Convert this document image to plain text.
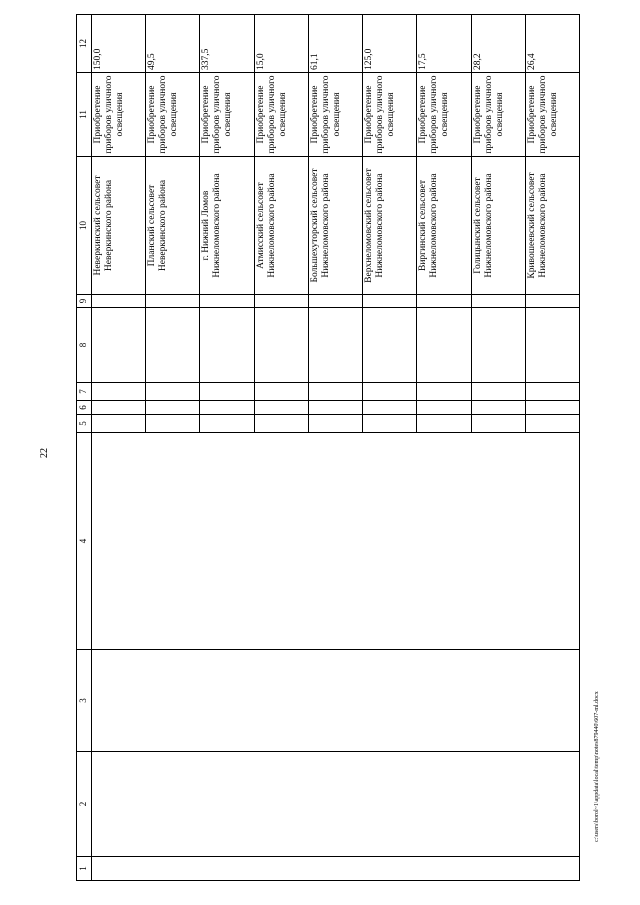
22
1	2	3	4	5	6	7	8	9	10	11	12
									Неверкинский сельсовет Неверкинского района	Приобретение приборов уличного освещения	150,0
									Планский сельсовет Неверкинского района	Приобретение приборов уличного освещения	49,5
									г. Нижний Ломов Нижнеломовского района	Приобретение приборов уличного освещения	337,5
									Атмисский сельсовет Нижнеломовского района	Приобретение приборов уличного освещения	15,0
									Большехуторский сельсовет Нижнеломовского района	Приобретение приборов уличного освещения	61,1
									Верхнеломовский сельсовет Нижнеломовского района	Приобретение приборов уличного освещения	125,0
									Виргинский сельсовет Нижнеломовского района	Приобретение приборов уличного освещения	17,5
									Голицынский сельсовет Нижнеломовского района	Приобретение приборов уличного освещения	28,2
									Кривошеевский сельсовет Нижнеломовского района	Приобретение приборов уличного освещения	26,4
c:\users\borol~1\appdata\local\temp\notes879440\607-ml.docx
